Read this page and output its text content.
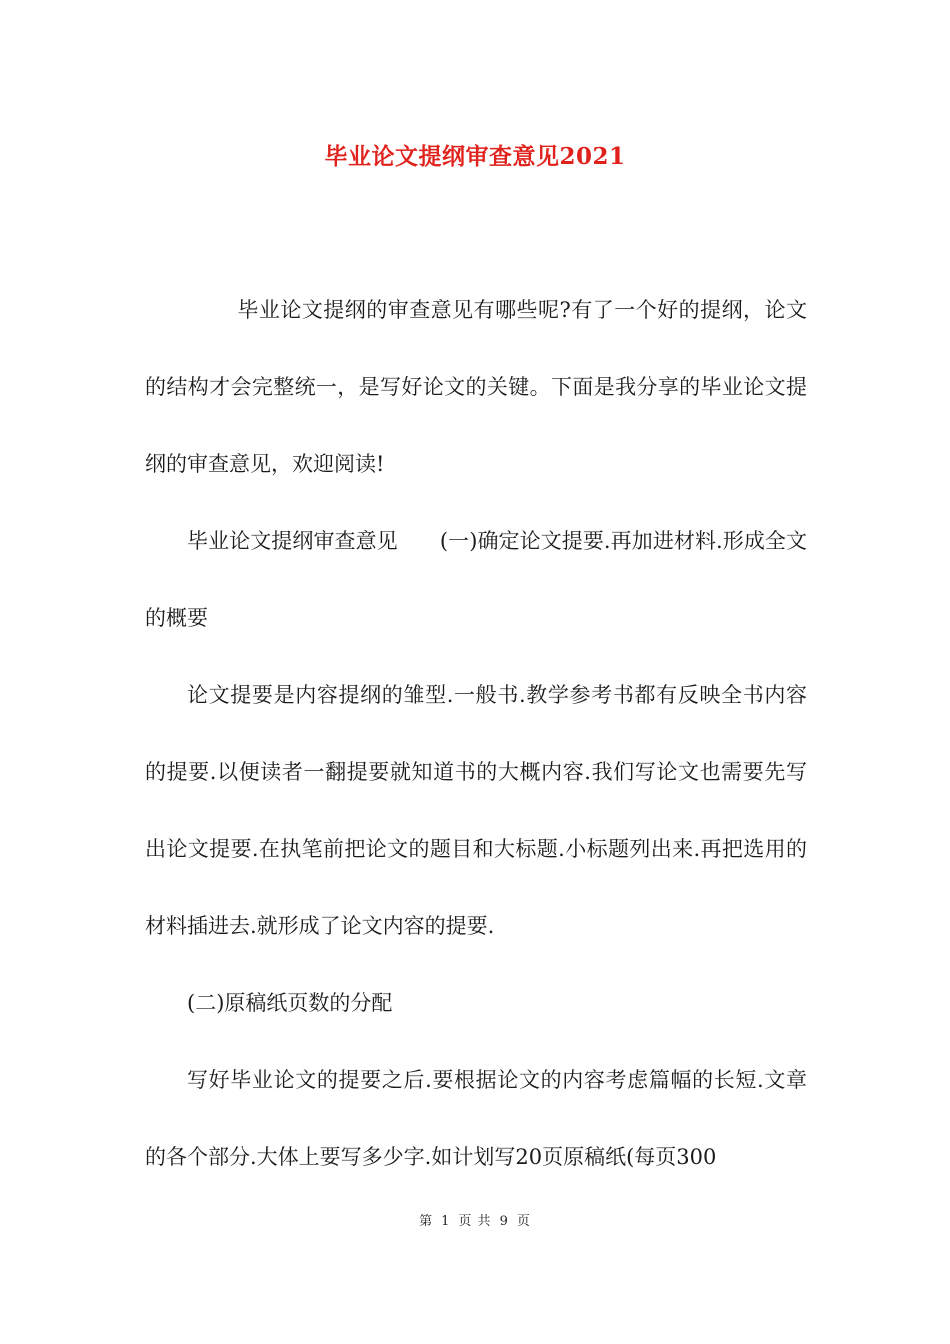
毕业论文提纲审查意见2021

毕业论文提纲的审查意见有哪些呢?有了一个好的提纲，论文的结构才会完整统一，是写好论文的关键。下面是我分享的毕业论文提纲的审查意见，欢迎阅读!

毕业论文提纲审查意见　　(一)确定论文提要.再加进材料.形成全文的概要

论文提要是内容提纲的雏型.一般书.教学参考书都有反映全书内容的提要.以便读者一翻提要就知道书的大概内容.我们写论文也需要先写出论文提要.在执笔前把论文的题目和大标题.小标题列出来.再把选用的材料插进去.就形成了论文内容的提要.

(二)原稿纸页数的分配

写好毕业论文的提要之后.要根据论文的内容考虑篇幅的长短.文章的各个部分.大体上要写多少字.如计划写20页原稿纸(每页300

第 1 页 共 9 页
